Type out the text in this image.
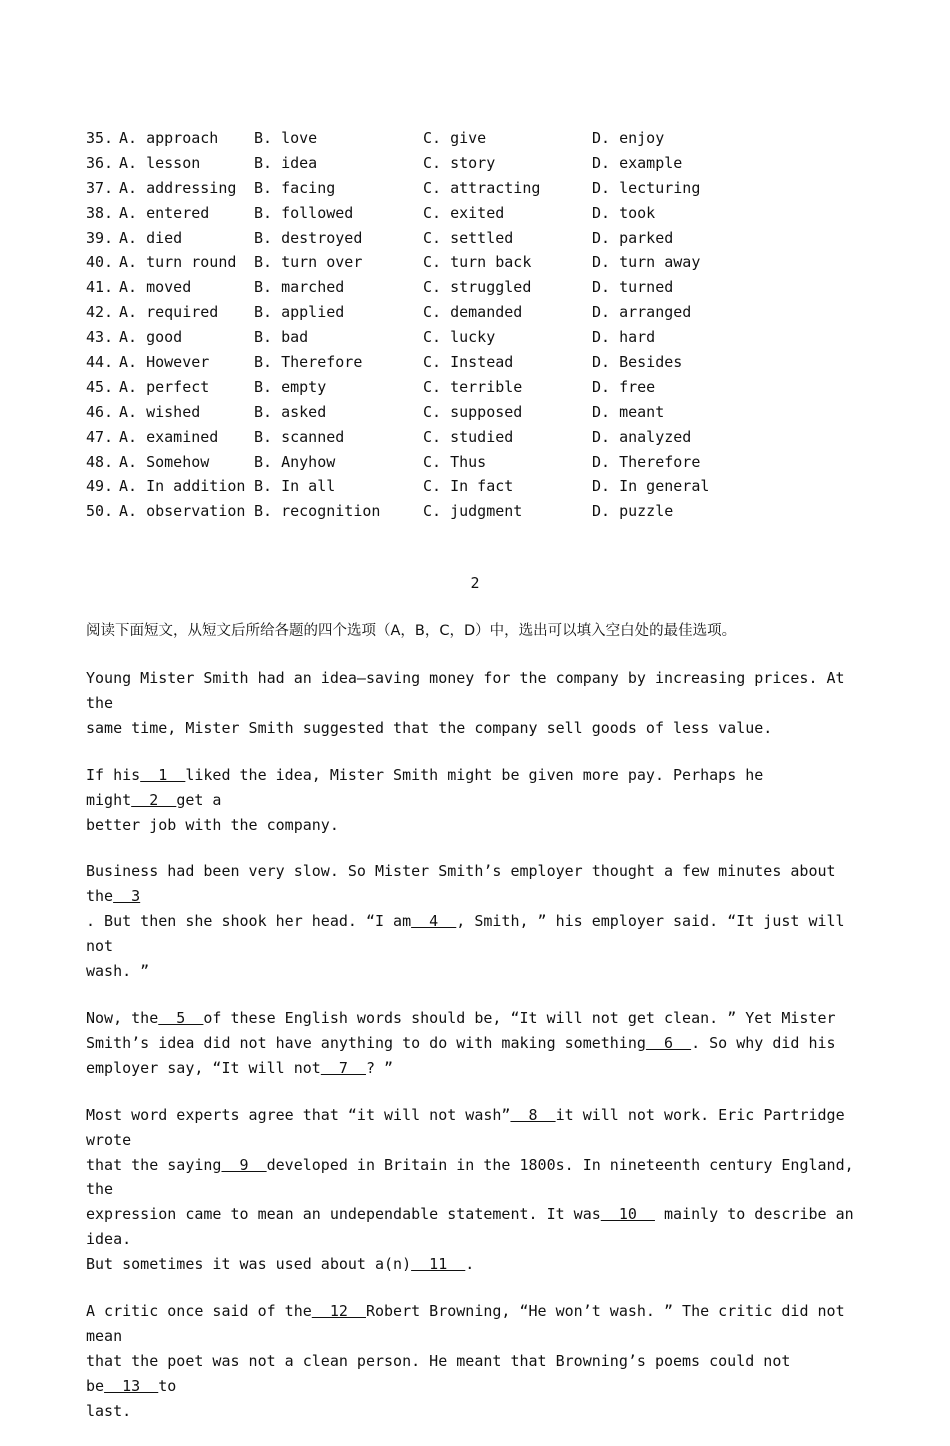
35. A. approach B. love	C. give	D. enjoy
36. A. lesson	B. idea	C. story	D. example
37. A. addressing B. facing	C. attracting	D. lecturing
38. A. entered	B. followed	C. exited	D. took
39. A. died	B. destroyed	C. settled	D. parked
40. A. turn round B. turn over	C. turn back	D. turn away
41. A. moved	B. marched	C. struggled	D. turned
42. A. required B. applied	C. demanded	D. arranged
43. A. good	B. bad	C. lucky	D. hard
44. A. However	B. Therefore	C. Instead	D. Besides
45. A. perfect	B. empty	C. terrible	D. free
46. A. wished	B. asked	C. supposed	D. meant
47. A. examined B. scanned	C. studied	D. analyzed
48. A. Somehow	B. Anyhow	C. Thus	D. Therefore
49. A. In addition B. In all	C. In fact	D. In general
50. A. observation B. recognition	C. judgment	D. puzzle
2

阅读下面短文，从短文后所给各题的四个选项（A，B，C，D）中，选出可以填入空白处的最佳选项。

Young Mister Smith had an idea—saving money for the company by increasing prices. At the
same time, Mister Smith suggested that the company sell goods of less value.

If his  1  liked the idea, Mister Smith might be given more pay. Perhaps he might  2  get a
better job with the company.

Business had been very slow. So Mister Smith’s employer thought a few minutes about the  3
. But then she shook her head. “I am  4  , Smith, ” his employer said. “It just will not
wash. ”

Now, the  5  of these English words should be, “It will not get clean. ” Yet Mister
Smith’s idea did not have anything to do with making something  6  . So why did his
employer say, “It will not  7  ? ”

Most word experts agree that “it will not wash”  8  it will not work. Eric Partridge wrote
that the saying  9  developed in Britain in the 1800s. In nineteenth century England, the
expression came to mean an undependable statement. It was  10   mainly to describe an idea.
But sometimes it was used about a(n)  11  .

A critic once said of the  12  Robert Browning, “He won’t wash. ” The critic did not mean
that the poet was not a clean person. He meant that Browning’s poems could not be  13  to
last.
